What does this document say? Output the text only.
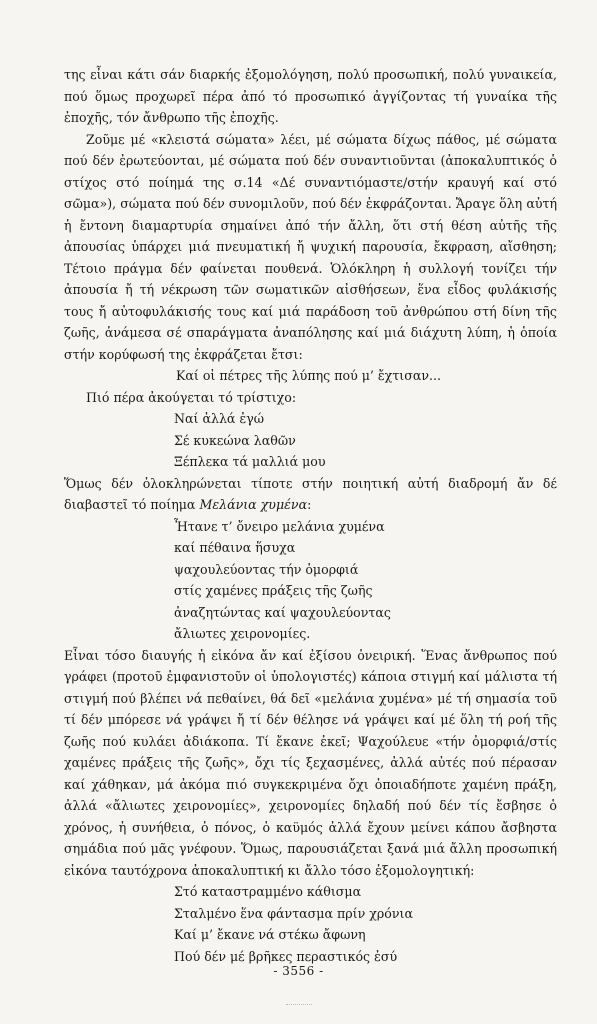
της εἶναι κάτι σάν διαρκής ἐξομολόγηση, πολύ προσωπική, πολύ γυναικεία, πού ὅμως προχωρεῖ πέρα ἀπό τό προσωπικό ἀγγίζοντας τή γυναίκα τῆς ἐποχῆς, τόν ἄνθρωπο τῆς ἐποχῆς.

Ζοῦμε μέ «κλειστά σώματα» λέει, μέ σώματα δίχως πάθος, μέ σώματα πού δέν ἐρωτεύονται, μέ σώματα πού δέν συναντιοῦνται (ἀποκαλυπτικός ὁ στίχος στό ποίημά της σ.14 «Δέ συναντιόμαστε/στήν κραυγή καί στό σῶμα»), σώματα πού δέν συνομιλοῦν, πού δέν ἐκφράζονται. Ἄραγε ὅλη αὐτή ἡ ἔντονη διαμαρτυρία σημαίνει ἀπό τήν ἄλλη, ὅτι στή θέση αὐτῆς τῆς ἀπουσίας ὑπάρχει μιά πνευματική ἤ ψυχική παρουσία, ἔκφραση, αἴσθηση; Τέτοιο πράγμα δέν φαίνεται πουθενά. Ὁλόκληρη ἡ συλλογή τονίζει τήν ἀπουσία ἤ τή νέκρωση τῶν σωματικῶν αἰσθήσεων, ἕνα εἶδος φυλάκισής τους ἤ αὐτοφυλάκισής τους καί μιά παράδοση τοῦ ἀνθρώπου στή δίνη τῆς ζωῆς, ἀνάμεσα σέ σπαράγματα ἀναπόλησης καί μιά διάχυτη λύπη, ἡ ὁποία στήν κορύφωσή της ἐκφράζεται ἔτσι:

Καί οἱ πέτρες τῆς λύπης πού μ’ ἔχτισαν...

Πιό πέρα ἀκούγεται τό τρίστιχο:

Ναί ἀλλά ἐγώ
Σέ κυκεώνα λαθῶν
Ξέπλεκα τά μαλλιά μου

Ὅμως δέν ὁλοκληρώνεται τίποτε στήν ποιητική αὐτή διαδρομή ἄν δέ διαβαστεῖ τό ποίημα Μελάνια χυμένα:

Ἦτανε τ’ ὄνειρο μελάνια χυμένα
καί πέθαινα ἥσυχα
ψαχουλεύοντας τήν ὀμορφιά
στίς χαμένες πράξεις τῆς ζωῆς
ἀναζητώντας καί ψαχουλεύοντας
ἄλιωτες χειρονομίες.

Εἶναι τόσο διαυγής ἡ εἰκόνα ἄν καί ἐξίσου ὀνειρική. Ἕνας ἄνθρωπος πού γράφει (προτοῦ ἐμφανιστοῦν οἱ ὑπολογιστές) κάποια στιγμή καί μάλιστα τή στιγμή πού βλέπει νά πεθαίνει, θά δεῖ «μελάνια χυμένα» μέ τή σημασία τοῦ τί δέν μπόρεσε νά γράψει ἤ τί δέν θέλησε νά γράψει καί μέ ὅλη τή ροή τῆς ζωῆς πού κυλάει ἀδιάκοπα. Τί ἔκανε ἐκεῖ; Ψαχούλευε «τήν ὀμορφιά/στίς χαμένες πράξεις τῆς ζωῆς», ὄχι τίς ξεχασμένες, ἀλλά αὐτές πού πέρασαν καί χάθηκαν, μά ἀκόμα πιό συγκεκριμένα ὄχι ὁποιαδήποτε χαμένη πράξη, ἀλλά «ἄλιωτες χειρονομίες», χειρονομίες δηλαδή πού δέν τίς ἔσβησε ὁ χρόνος, ἡ συνήθεια, ὁ πόνος, ὁ καϋμός ἀλλά ἔχουν μείνει κάπου ἄσβηστα σημάδια πού μᾶς γνέφουν. Ὅμως, παρουσιάζεται ξανά μιά ἄλλη προσωπική εἰκόνα ταυτόχρονα ἀποκαλυπτική κι ἄλλο τόσο ἐξομολογητική:

Στό καταστραμμένο κάθισμα
Σταλμένο ἕνα φάντασμα πρίν χρόνια
Καί μ’ ἔκανε νά στέκω ἄφωνη
Πού δέν μέ βρῆκες περαστικός ἐσύ
- 3556 -
